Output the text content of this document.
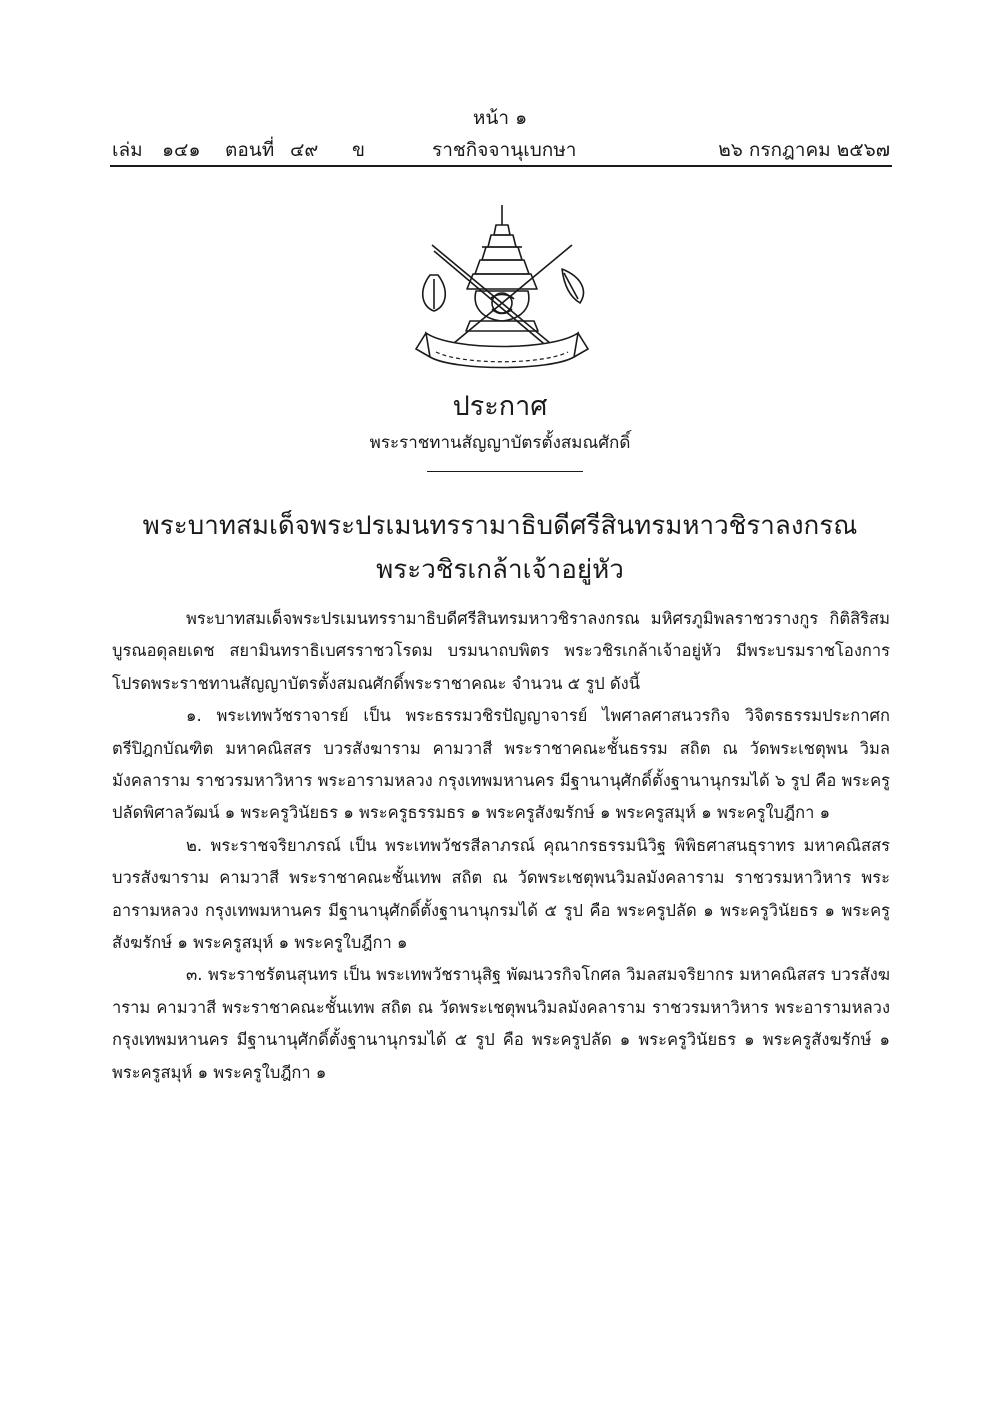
หน้า ๑
เล่ม ๑๔๑ ตอนที่ ๔๙ ข	ราชกิจจานุเบกษา	๒๖ กรกฎาคม ๒๕๖๗
ประกาศ
พระราชทานสัญญาบัตรตั้งสมณศักดิ์
พระบาทสมเด็จพระปรเมนทรรามาธิบดีศรีสินทรมหาวชิราลงกรณ
พระวชิรเกล้าเจ้าอยู่หัว

พระบาทสมเด็จพระปรเมนทรรามาธิบดีศรีสินทรมหาวชิราลงกรณ มหิศรภูมิพลราชวรางกูร กิติสิริสมบูรณอดุลยเดช สยามินทราธิเบศรราชวโรดม บรมนาถบพิตร พระวชิรเกล้าเจ้าอยู่หัว มีพระบรมราชโองการโปรดพระราชทานสัญญาบัตรตั้งสมณศักดิ์พระราชาคณะ จำนวน ๕ รูป ดังนี้

๑. พระเทพวัชราจารย์ เป็น พระธรรมวชิรปัญญาจารย์ ไพศาลศาสนวรกิจ วิจิตรธรรมประกาศก ตรีปิฎกบัณฑิต มหาคณิสสร บวรสังฆาราม คามวาสี พระราชาคณะชั้นธรรม สถิต ณ วัดพระเชตุพน วิมลมังคลาราม ราชวรมหาวิหาร พระอารามหลวง กรุงเทพมหานคร มีฐานานุศักดิ์ตั้งฐานานุกรมได้ ๖ รูป คือ พระครูปลัดพิศาลวัฒน์ ๑ พระครูวินัยธร ๑ พระครูธรรมธร ๑ พระครูสังฆรักษ์ ๑ พระครูสมุห์ ๑ พระครูใบฎีกา ๑

๒. พระราชจริยาภรณ์ เป็น พระเทพวัชรสีลาภรณ์ คุณากรธรรมนิวิฐ พิพิธศาสนธุราทร มหาคณิสสร บวรสังฆาราม คามวาสี พระราชาคณะชั้นเทพ สถิต ณ วัดพระเชตุพนวิมลมังคลาราม ราชวรมหาวิหาร พระอารามหลวง กรุงเทพมหานคร มีฐานานุศักดิ์ตั้งฐานานุกรมได้ ๕ รูป คือ พระครูปลัด ๑ พระครูวินัยธร ๑ พระครูสังฆรักษ์ ๑ พระครูสมุห์ ๑ พระครูใบฎีกา ๑

๓. พระราชรัตนสุนทร เป็น พระเทพวัชรานุสิฐ พัฒนวรกิจโกศล วิมลสมจริยากร มหาคณิสสร บวรสังฆาราม คามวาสี พระราชาคณะชั้นเทพ สถิต ณ วัดพระเชตุพนวิมลมังคลาราม ราชวรมหาวิหาร พระอารามหลวง กรุงเทพมหานคร มีฐานานุศักดิ์ตั้งฐานานุกรมได้ ๕ รูป คือ พระครูปลัด ๑ พระครูวินัยธร ๑ พระครูสังฆรักษ์ ๑ พระครูสมุห์ ๑ พระครูใบฎีกา ๑
